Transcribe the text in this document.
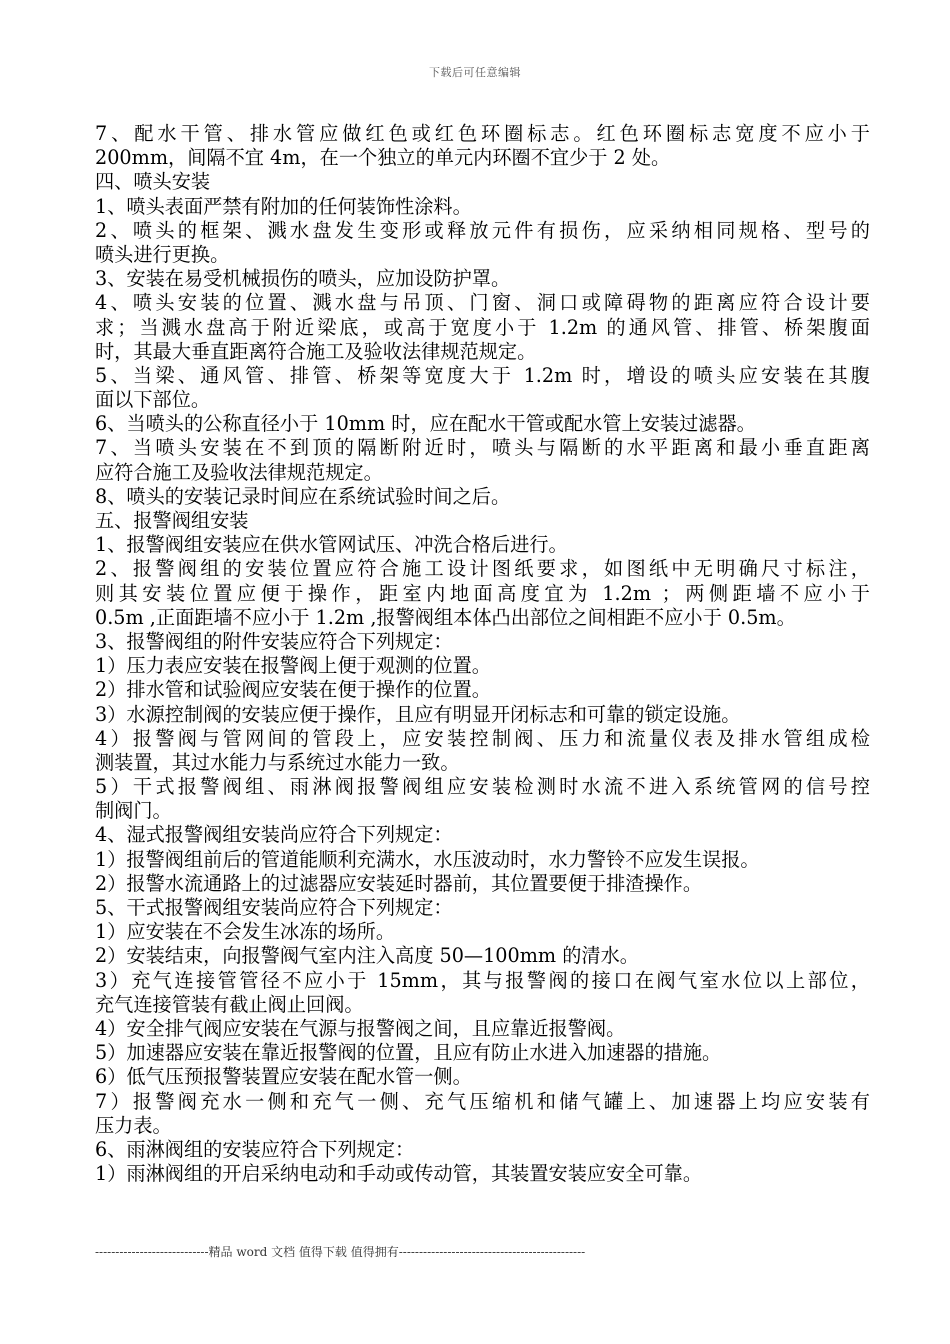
下载后可任意编辑
7、配水干管、排水管应做红色或红色环圈标志。红色环圈标志宽度不应小于
200mm，间隔不宜 4m，在一个独立的单元内环圈不宜少于 2 处。
四、喷头安装
1、喷头表面严禁有附加的任何装饰性涂料。
2、喷头的框架、溅水盘发生变形或释放元件有损伤，应采纳相同规格、型号的
喷头进行更换。
3、安装在易受机械损伤的喷头，应加设防护罩。
4、喷头安装的位置、溅水盘与吊顶、门窗、洞口或障碍物的距离应符合设计要
求；当溅水盘高于附近梁底，或高于宽度小于 1.2m 的通风管、排管、桥架腹面
时，其最大垂直距离符合施工及验收法律规范规定。
5、当梁、通风管、排管、桥架等宽度大于 1.2m 时，增设的喷头应安装在其腹
面以下部位。
6、当喷头的公称直径小于 10mm 时，应在配水干管或配水管上安装过滤器。
7、当喷头安装在不到顶的隔断附近时，喷头与隔断的水平距离和最小垂直距离
应符合施工及验收法律规范规定。
8、喷头的安装记录时间应在系统试验时间之后。
五、报警阀组安装
1、报警阀组安装应在供水管网试压、冲洗合格后进行。
2、报警阀组的安装位置应符合施工设计图纸要求，如图纸中无明确尺寸标注，
则其安装位置应便于操作，距室内地面高度宜为 1.2m ；两侧距墙不应小于
0.5m ,正面距墙不应小于 1.2m ,报警阀组本体凸出部位之间相距不应小于 0.5m。
3、报警阀组的附件安装应符合下列规定：
1）压力表应安装在报警阀上便于观测的位置。
2）排水管和试验阀应安装在便于操作的位置。
3）水源控制阀的安装应便于操作，且应有明显开闭标志和可靠的锁定设施。
4）报警阀与管网间的管段上，应安装控制阀、压力和流量仪表及排水管组成检
测装置，其过水能力与系统过水能力一致。
5）干式报警阀组、雨淋阀报警阀组应安装检测时水流不进入系统管网的信号控
制阀门。
4、湿式报警阀组安装尚应符合下列规定：
1）报警阀组前后的管道能顺利充满水，水压波动时，水力警铃不应发生误报。
2）报警水流通路上的过滤器应安装延时器前，其位置要便于排渣操作。
5、干式报警阀组安装尚应符合下列规定：
1）应安装在不会发生冰冻的场所。
2）安装结束，向报警阀气室内注入高度 50—100mm 的清水。
3）充气连接管管径不应小于 15mm，其与报警阀的接口在阀气室水位以上部位，
充气连接管装有截止阀止回阀。
4）安全排气阀应安装在气源与报警阀之间，且应靠近报警阀。
5）加速器应安装在靠近报警阀的位置，且应有防止水进入加速器的措施。
6）低气压预报警装置应安装在配水管一侧。
7）报警阀充水一侧和充气一侧、充气压缩机和储气罐上、加速器上均应安装有
压力表。
6、雨淋阀组的安装应符合下列规定：
1）雨淋阀组的开启采纳电动和手动或传动管，其装置安装应安全可靠。
----------------------------精品 word 文档 值得下载 值得拥有----------------------------------------------
